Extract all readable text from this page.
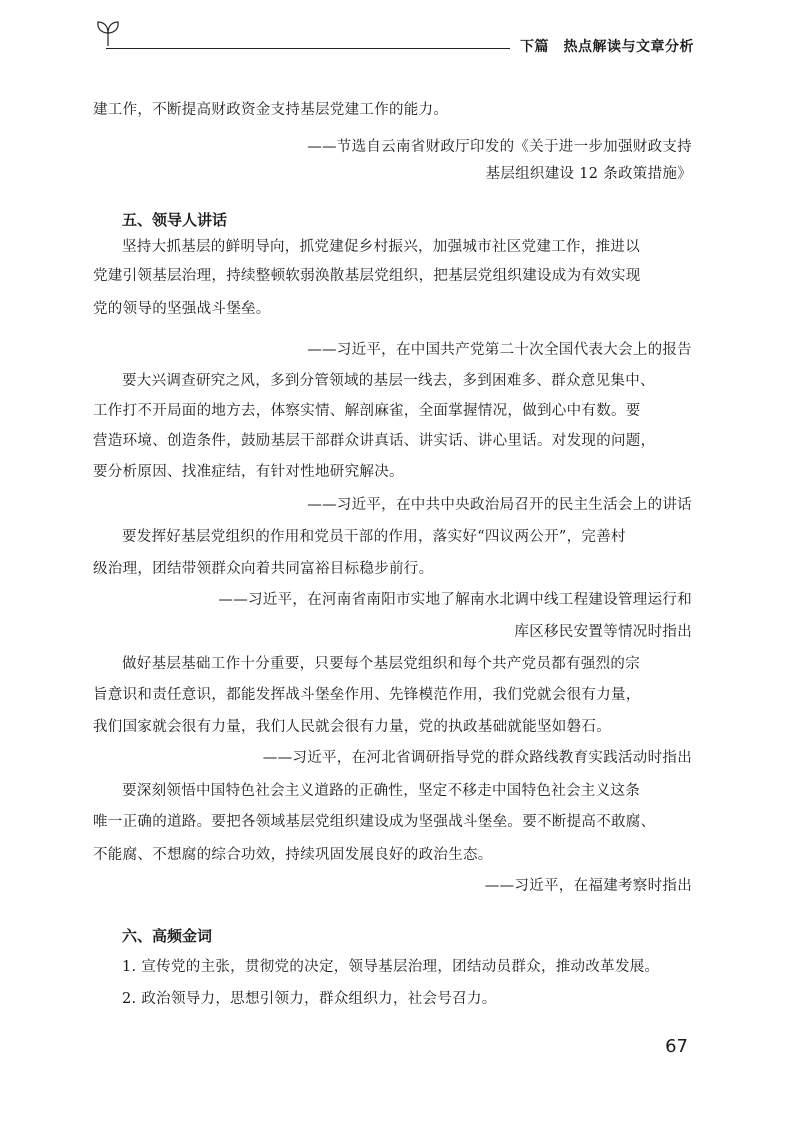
下篇　热点解读与文章分析
建工作，不断提高财政资金支持基层党建工作的能力。
——节选自云南省财政厅印发的《关于进一步加强财政支持
基层组织建设 12 条政策措施》
五、领导人讲话
坚持大抓基层的鲜明导向，抓党建促乡村振兴，加强城市社区党建工作，推进以
党建引领基层治理，持续整顿软弱涣散基层党组织，把基层党组织建设成为有效实现
党的领导的坚强战斗堡垒。
——习近平，在中国共产党第二十次全国代表大会上的报告
要大兴调查研究之风，多到分管领域的基层一线去，多到困难多、群众意见集中、
工作打不开局面的地方去，体察实情、解剖麻雀，全面掌握情况，做到心中有数。要
营造环境、创造条件，鼓励基层干部群众讲真话、讲实话、讲心里话。对发现的问题，
要分析原因、找准症结，有针对性地研究解决。
——习近平，在中共中央政治局召开的民主生活会上的讲话
要发挥好基层党组织的作用和党员干部的作用，落实好“四议两公开”，完善村
级治理，团结带领群众向着共同富裕目标稳步前行。
——习近平，在河南省南阳市实地了解南水北调中线工程建设管理运行和
库区移民安置等情况时指出
做好基层基础工作十分重要，只要每个基层党组织和每个共产党员都有强烈的宗
旨意识和责任意识，都能发挥战斗堡垒作用、先锋模范作用，我们党就会很有力量，
我们国家就会很有力量，我们人民就会很有力量，党的执政基础就能坚如磐石。
——习近平，在河北省调研指导党的群众路线教育实践活动时指出
要深刻领悟中国特色社会主义道路的正确性，坚定不移走中国特色社会主义这条
唯一正确的道路。要把各领域基层党组织建设成为坚强战斗堡垒。要不断提高不敢腐、
不能腐、不想腐的综合功效，持续巩固发展良好的政治生态。
——习近平，在福建考察时指出
六、高频金词
1. 宣传党的主张，贯彻党的决定，领导基层治理，团结动员群众，推动改革发展。
2. 政治领导力，思想引领力，群众组织力，社会号召力。
67
